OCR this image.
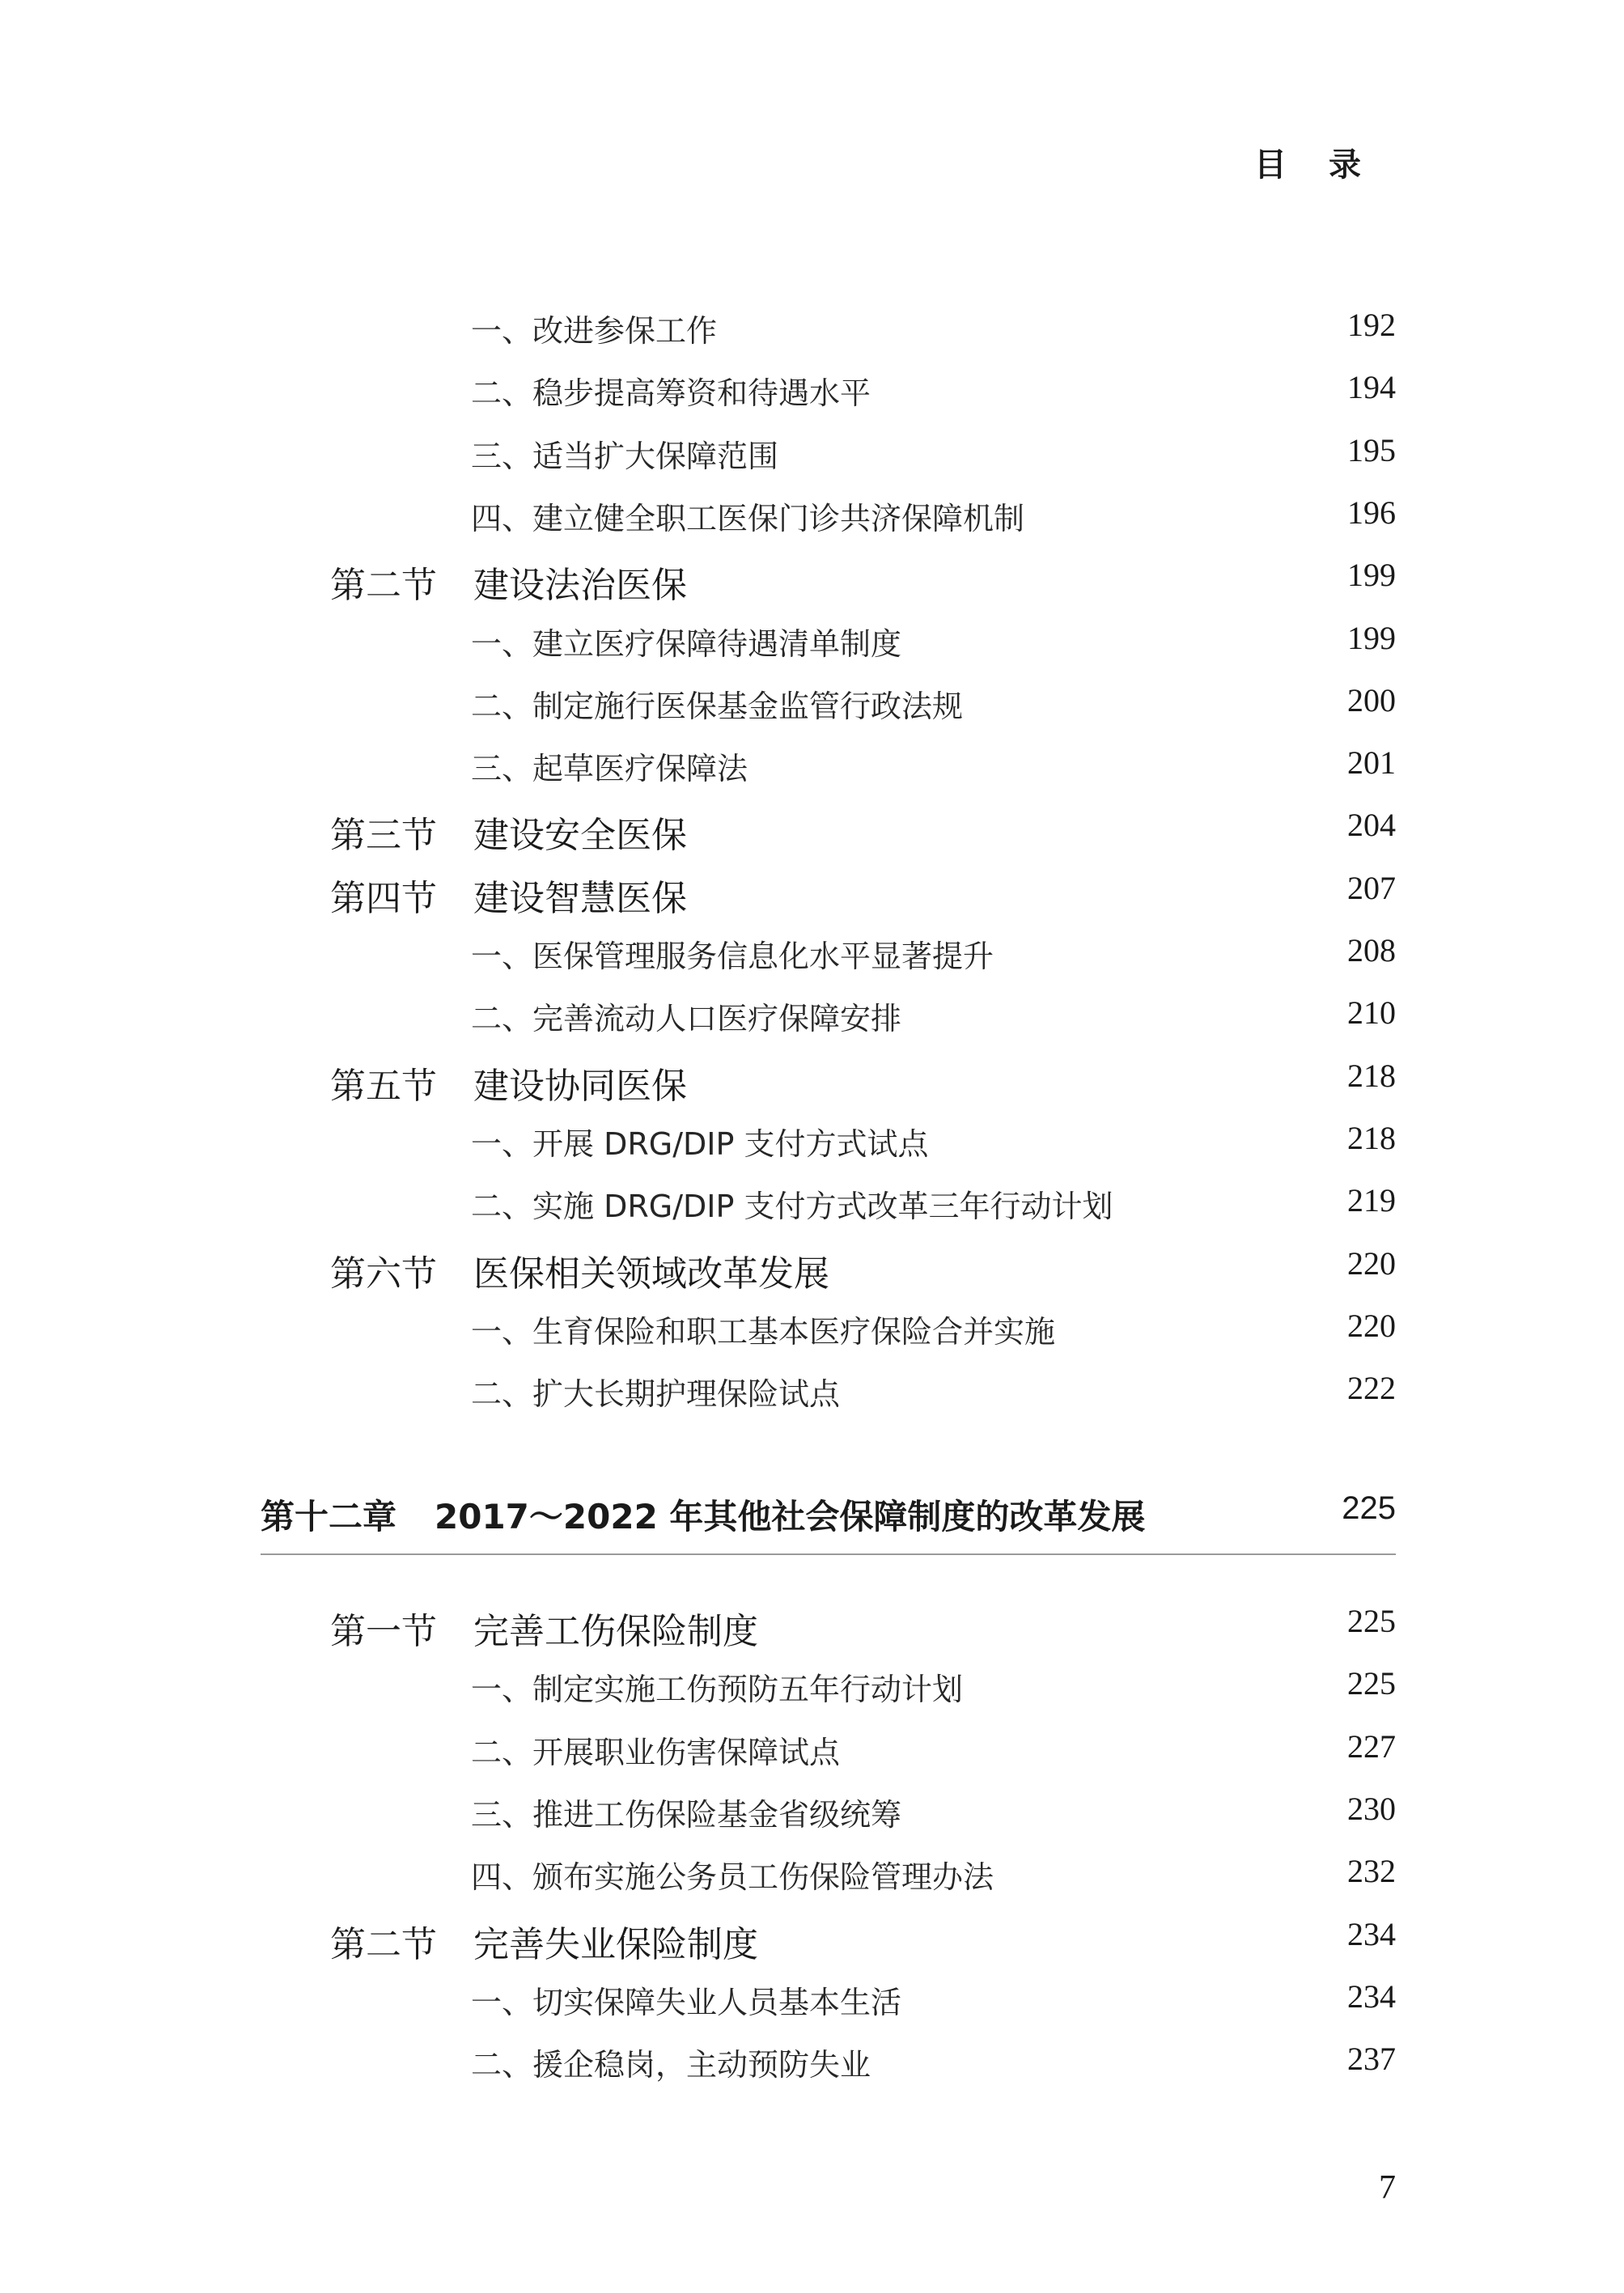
目录
一、改进参保工作	192
二、稳步提高筹资和待遇水平	194
三、适当扩大保障范围	195
四、建立健全职工医保门诊共济保障机制	196
第二节 建设法治医保	199
一、建立医疗保障待遇清单制度	199
二、制定施行医保基金监管行政法规	200
三、起草医疗保障法	201
第三节 建设安全医保	204
第四节 建设智慧医保	207
一、医保管理服务信息化水平显著提升	208
二、完善流动人口医疗保障安排	210
第五节 建设协同医保	218
一、开展 DRG/DIP 支付方式试点	218
二、实施 DRG/DIP 支付方式改革三年行动计划	219
第六节 医保相关领域改革发展	220
一、生育保险和职工基本医疗保险合并实施	220
二、扩大长期护理保险试点	222
第十二章 2017～2022 年其他社会保障制度的改革发展	225
第一节 完善工伤保险制度	225
一、制定实施工伤预防五年行动计划	225
二、开展职业伤害保障试点	227
三、推进工伤保险基金省级统筹	230
四、颁布实施公务员工伤保险管理办法	232
第二节 完善失业保险制度	234
一、切实保障失业人员基本生活	234
二、援企稳岗，主动预防失业	237
7
